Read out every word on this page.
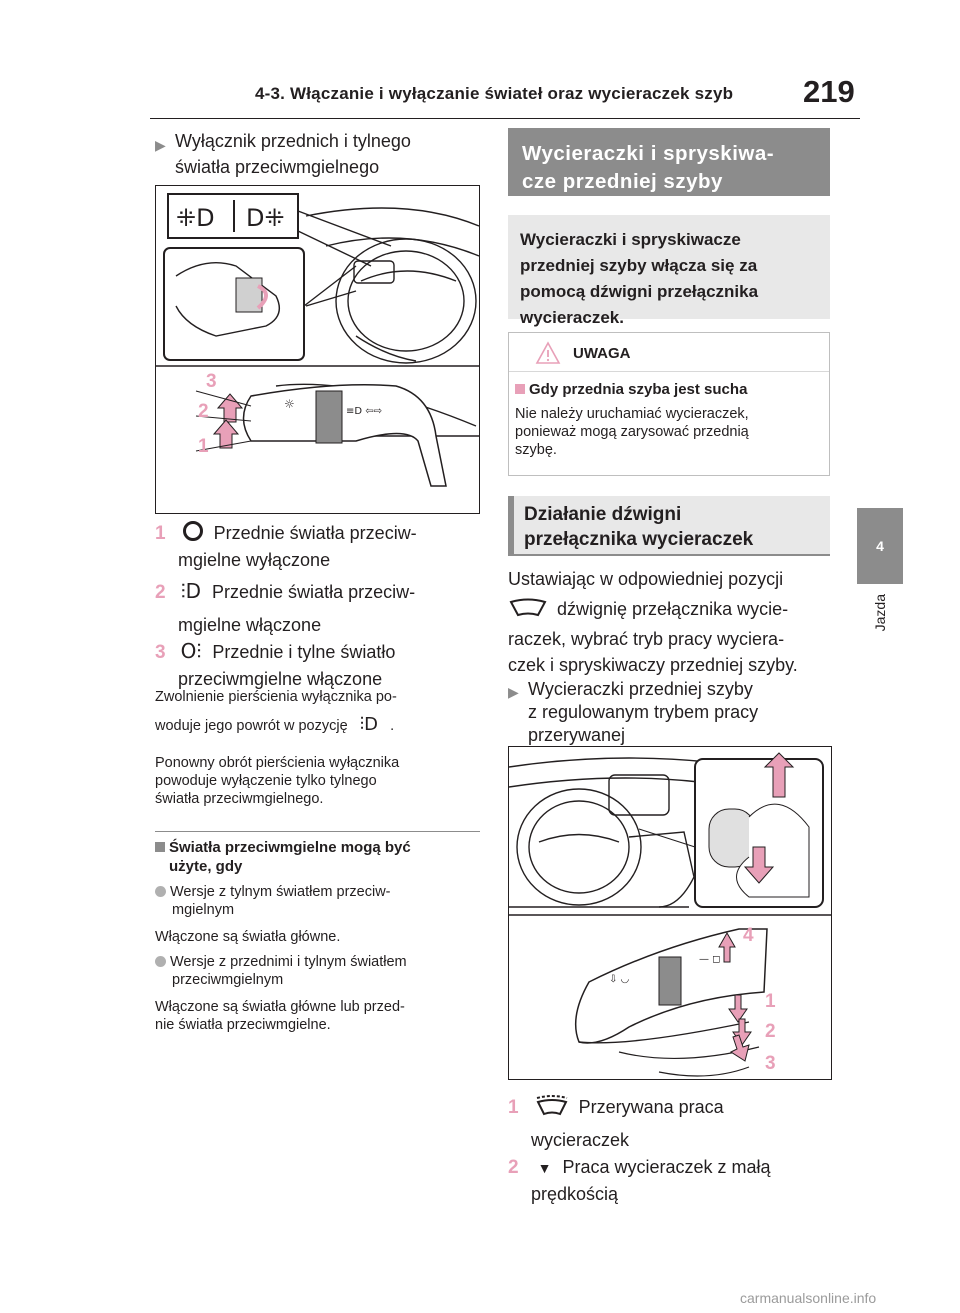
4-3. Włączanie i wyłączanie świateł oraz wycieraczek szyb 219
4
Jazda
▶ Wyłącznik przednich i tylnego
światła przeciwmgielnego
⁜D D⁜
☼
≡D ⇦⇨
3
2
1
1	Przednie światła przeciw-
mgielne wyłączone
2 ⫶D Przednie światła przeciw-
mgielne włączone
3 O⫶ Przednie i tylne światło
przeciwmgielne włączone
Zwolnienie pierścienia wyłącznika po-
woduje jego powrót w pozycję ⫶D .
Ponowny obrót pierścienia wyłącznika
powoduje wyłączenie tylko tylnego
światła przeciwmgielnego.
Światła przeciwmgielne mogą być
użyte, gdy
Wersje z tylnym światłem przeciw-
mgielnym
Włączone są światła główne.
Wersje z przednimi i tylnym światłem
przeciwmgielnym
Włączone są światła główne lub przed-
nie światła przeciwmgielne.
Wycieraczki i spryskiwa-
cze przedniej szyby
Wycieraczki i spryskiwacze
przedniej szyby włącza się za
pomocą dźwigni przełącznika
wycieraczek.
UWAGA
Gdy przednia szyba jest sucha
Nie należy uruchamiać wycieraczek,
ponieważ mogą zarysować przednią
szybę.
Działanie dźwigni
przełącznika wycieraczek
Ustawiając w odpowiedniej pozycji
dźwignię przełącznika wycie-
raczek, wybrać tryb pracy wyciera-
czek i spryskiwaczy przedniej szyby.
▶ Wycieraczki przedniej szyby
z regulowanym trybem pracy
przerywanej
⇩ ◡
— ◻
4
1
2
3
1	Przerywana praca
wycieraczek
2 ▼ Praca wycieraczek z małą
prędkością
carmanualsonline.info
